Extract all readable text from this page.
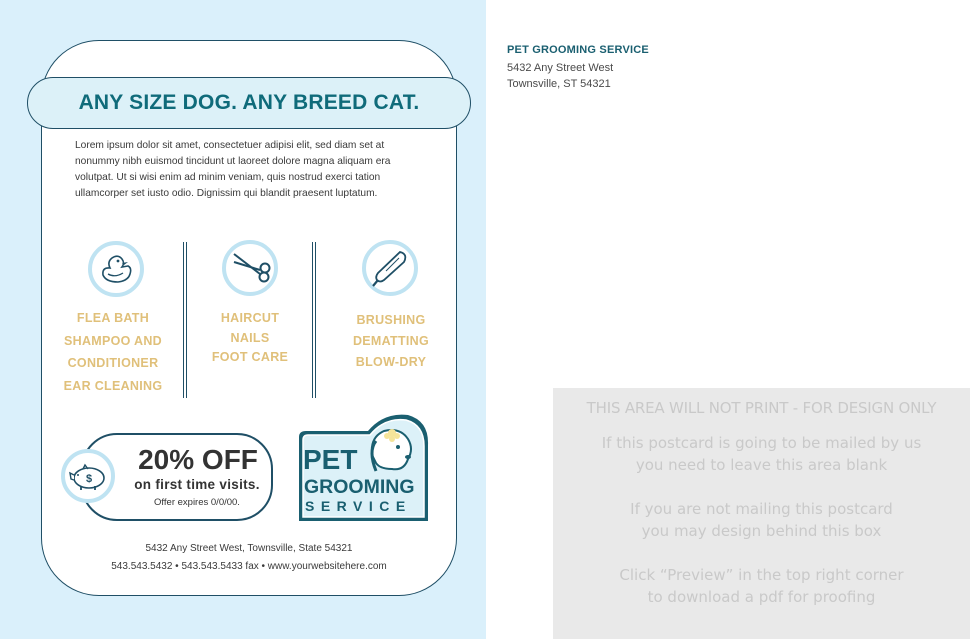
ANY SIZE DOG. ANY BREED CAT.
Lorem ipsum dolor sit amet, consectetuer adipisi elit, sed diam set at nonummy nibh euismod tincidunt ut laoreet dolore magna aliquam era volutpat. Ut si wisi enim ad minim veniam, quis nostrud exerci tation ullamcorper set iusto odio. Dignissim qui blandit praesent luptatum.
FLEA BATH
SHAMPOO AND
CONDITIONER
EAR CLEANING
HAIRCUT
NAILS
FOOT CARE
BRUSHING
DEMATTING
BLOW-DRY
$
20% OFF
on first time visits.
Offer expires 0/0/00.
PET
GROOMING
SERVICE
5432 Any Street West, Townsville, State 54321
543.543.5432 • 543.543.5433 fax • www.yourwebsitehere.com
PET GROOMING SERVICE
5432 Any Street West
Townsville, ST 54321
THIS AREA WILL NOT PRINT - FOR DESIGN ONLY
If this postcard is going to be mailed by us
you need to leave this area blank
If you are not mailing this postcard
you may design behind this box
Click “Preview” in the top right corner
to download a pdf for proofing
